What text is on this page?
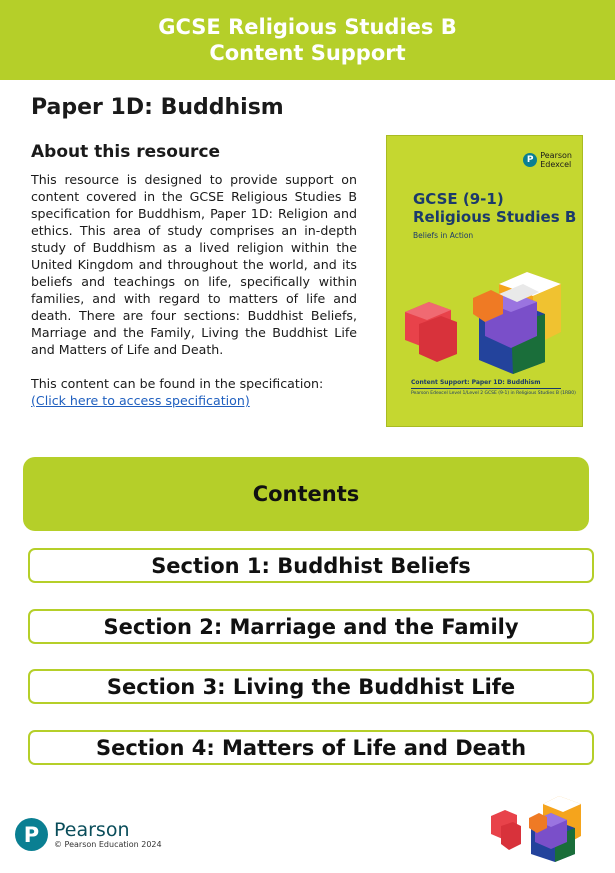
GCSE Religious Studies B
Content Support
Paper 1D: Buddhism
About this resource
This resource is designed to provide support on content covered in the GCSE Religious Studies B specification for Buddhism, Paper 1D: Religion and ethics. This area of study comprises an in-depth study of Buddhism as a lived religion within the United Kingdom and throughout the world, and its beliefs and teachings on life, specifically within families, and with regard to matters of life and death. There are four sections: Buddhist Beliefs, Marriage and the Family, Living the Buddhist Life and Matters of Life and Death.
This content can be found in the specification:
(Click here to access specification)
P Pearson
Edexcel
GCSE (9-1)
Religious Studies B
Beliefs in Action
Content Support: Paper 1D: Buddhism
Pearson Edexcel Level 1/Level 2 GCSE (9-1) in Religious Studies B (1RB0)
Contents
Section 1: Buddhist Beliefs
Section 2: Marriage and the Family
Section 3: Living the Buddhist Life
Section 4: Matters of Life and Death
P Pearson
© Pearson Education 2024
